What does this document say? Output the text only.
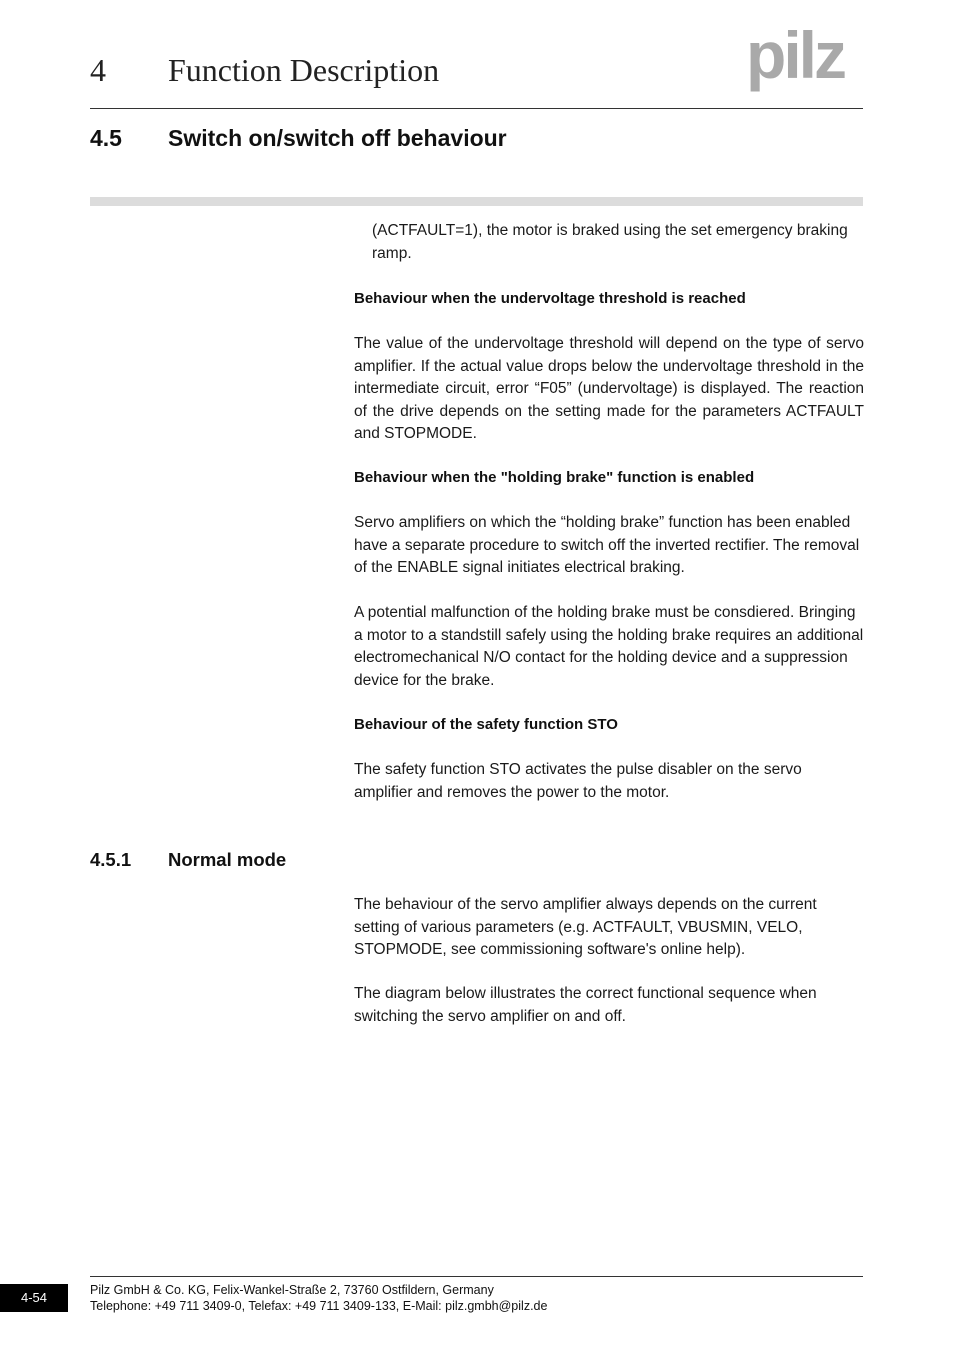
4 Function Description	pilz
4.5 Switch on/switch off behaviour

(ACTFAULT=1), the motor is braked using the set emergency braking ramp.

Behaviour when the undervoltage threshold is reached

The value of the undervoltage threshold will depend on the type of servo amplifier. If the actual value drops below the undervoltage threshold in the intermediate circuit, error “F05” (undervoltage) is displayed. The reaction of the drive depends on the setting made for the parameters ACTFAULT and STOPMODE.

Behaviour when the "holding brake" function is enabled

Servo amplifiers on which the “holding brake” function has been enabled have a separate procedure to switch off the inverted rectifier. The removal of the ENABLE signal initiates electrical braking.

A potential malfunction of the holding brake must be consdiered. Bringing a motor to a standstill safely using the holding brake requires an additional electromechanical N/O contact for the holding device and a suppression device for the brake.

Behaviour of the safety function STO

The safety function STO activates the pulse disabler on the servo amplifier and removes the power to the motor.

4.5.1 Normal mode

The behaviour of the servo amplifier always depends on the current setting of various parameters (e.g. ACTFAULT, VBUSMIN, VELO, STOPMODE, see commissioning software's online help).

The diagram below illustrates the correct functional sequence when switching the servo amplifier on and off.

4-54	Pilz GmbH & Co. KG, Felix-Wankel-Straße 2, 73760 Ostfildern, Germany
Telephone: +49 711 3409-0, Telefax: +49 711 3409-133, E-Mail: pilz.gmbh@pilz.de
